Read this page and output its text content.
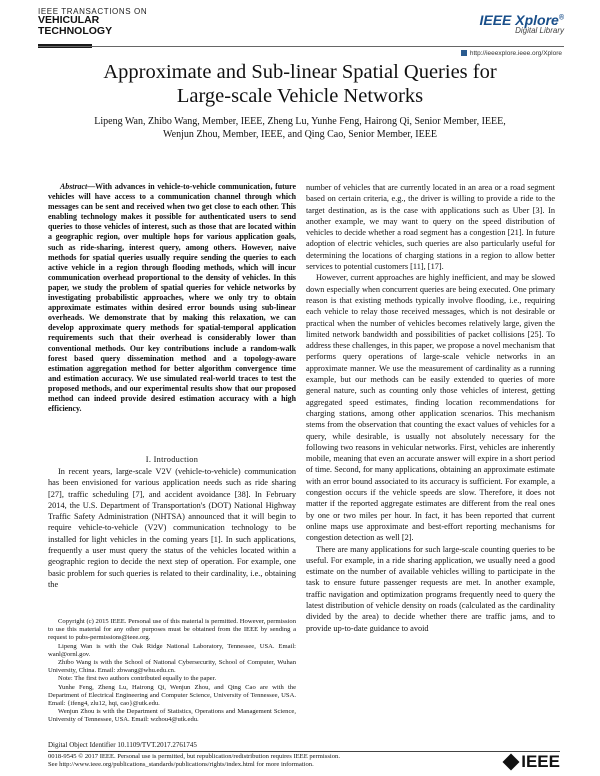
IEEE TRANSACTIONS ON
VEHICULAR
TECHNOLOGY
IEEE Xplore®
Digital Library
http://ieeexplore.ieee.org/Xplore
Approximate and Sub-linear Spatial Queries for
Large-scale Vehicle Networks
Lipeng Wan, Zhibo Wang, Member, IEEE, Zheng Lu, Yunhe Feng, Hairong Qi, Senior Member, IEEE,
Wenjun Zhou, Member, IEEE, and Qing Cao, Senior Member, IEEE
Abstract—With advances in vehicle-to-vehicle communication, future vehicles will have access to a communication channel through which messages can be sent and received when two get close to each other. This enabling technology makes it possible for authenticated users to send queries to those vehicles of interest, such as those that are located within a geographic region, over multiple hops for various application goals, such as ride-sharing, interest query, among others. However, naive methods for spatial queries usually require sending the queries to each active vehicle in a region through flooding methods, which will incur communication overhead proportional to the density of vehicles. In this paper, we study the problem of spatial queries for vehicle networks by investigating probabilistic approaches, where we only try to obtain approximate estimates within desired error bounds using sub-linear overheads. We demonstrate that by making this relaxation, we can develop approximate query methods for spatial-temporal application requirements such that their overhead is considerably lower than conventional methods. Our key contributions include a random-walk forest based query dissemination method and a topology-aware estimation aggregation method for better algorithm convergence time and estimation accuracy. We use simulated real-world traces to test the proposed methods, and our experimental results show that our proposed method can indeed provide desired estimation accuracy with a high efficiency.
I. Introduction

In recent years, large-scale V2V (vehicle-to-vehicle) communication has been envisioned for various application needs such as ride sharing [27], traffic scheduling [7], and accident avoidance [38]. In February 2014, the U.S. Department of Transportation's (DOT) National Highway Traffic Safety Administration (NHTSA) announced that it will begin to require vehicle-to-vehicle (V2V) communication technology to be installed for light vehicles in the coming years [1]. In such applications, frequently a user must query the status of the vehicles located within a geographic region to decide the next step of operation. For example, one basic problem for such queries is related to their cardinality, i.e., obtaining the

Copyright (c) 2015 IEEE. Personal use of this material is permitted. However, permission to use this material for any other purposes must be obtained from the IEEE by sending a request to pubs-permissions@ieee.org.

Lipeng Wan is with the Oak Ridge National Laboratory, Tennessee, USA. Email: wanl@ornl.gov.

Zhibo Wang is with the School of National Cybersecurity, School of Computer, Wuhan University, China. Email: zbwang@whu.edu.cn.

Note: The first two authors contributed equally to the paper.

Yunhe Feng, Zheng Lu, Hairong Qi, Wenjun Zhou, and Qing Cao are with the Department of Electrical Engineering and Computer Science, University of Tennessee, USA. Email: {ifeng4, zlu12, hqi, cao}@utk.edu.

Wenjun Zhou is with the Department of Statistics, Operations and Management Science, University of Tennessee, USA. Email: wzhou4@utk.edu.

number of vehicles that are currently located in an area or a road segment based on certain criteria, e.g., the driver is willing to provide a ride to the target destination, as is the case with applications such as Uber [3]. In another example, we may want to query on the speed distribution of vehicles to decide whether a road segment has a congestion [21]. In future adoption of electric vehicles, such queries are also particularly useful for determining the locations of charging stations in a region to allow better services to potential customers [11], [17].

However, current approaches are highly inefficient, and may be slowed down especially when concurrent queries are being executed. One primary reason is that existing methods typically involve flooding, i.e., requiring each vehicle to relay those received messages, which is not desirable or practical when the number of vehicles becomes relatively large, given the limited network bandwidth and possibilities of packet collisions [25]. To address these challenges, in this paper, we propose a novel mechanism that performs query operations of large-scale vehicle networks in an approximate manner. We use the measurement of cardinality as a running example, but our methods can be easily extended to queries of more general nature, such as counting only those vehicles of interest, getting aggregated speed estimates, finding location recommendations for charging stations, among other application scenarios. This mechanism stems from the observation that counting the exact values of vehicles for a query, while desirable, is usually not absolutely necessary for the following two reasons in vehicular networks. First, vehicles are inherently mobile, meaning that even an accurate answer will expire in a short period of time. Second, for many applications, obtaining an approximate estimate with an error bound associated to its accuracy is sufficient. For example, a congestion occurs if the vehicle speeds are slow. Therefore, it does not matter if the reported aggregate estimates are different from the real ones by one or two miles per hour. In fact, it has been reported that current online maps use approximate and best-effort reporting mechanisms for congestion detection as well [2].

There are many applications for such large-scale counting queries to be useful. For example, in a ride sharing application, we usually need a good estimate on the number of available vehicles willing to participate in the task to ensure future passenger requests are met. In another example, traffic navigation and optimization programs frequently need to query the latest distribution of vehicle density on roads (calculated as the cardinality divided by the area) to decide whether there are traffic jams, and to provide up-to-date guidance to avoid

Digital Object Identifier 10.1109/TVT.2017.2761745
0018-9545 © 2017 IEEE. Personal use is permitted, but republication/redistribution requires IEEE permission.
See http://www.ieee.org/publications_standards/publications/rights/index.html for more information.	IEEE
